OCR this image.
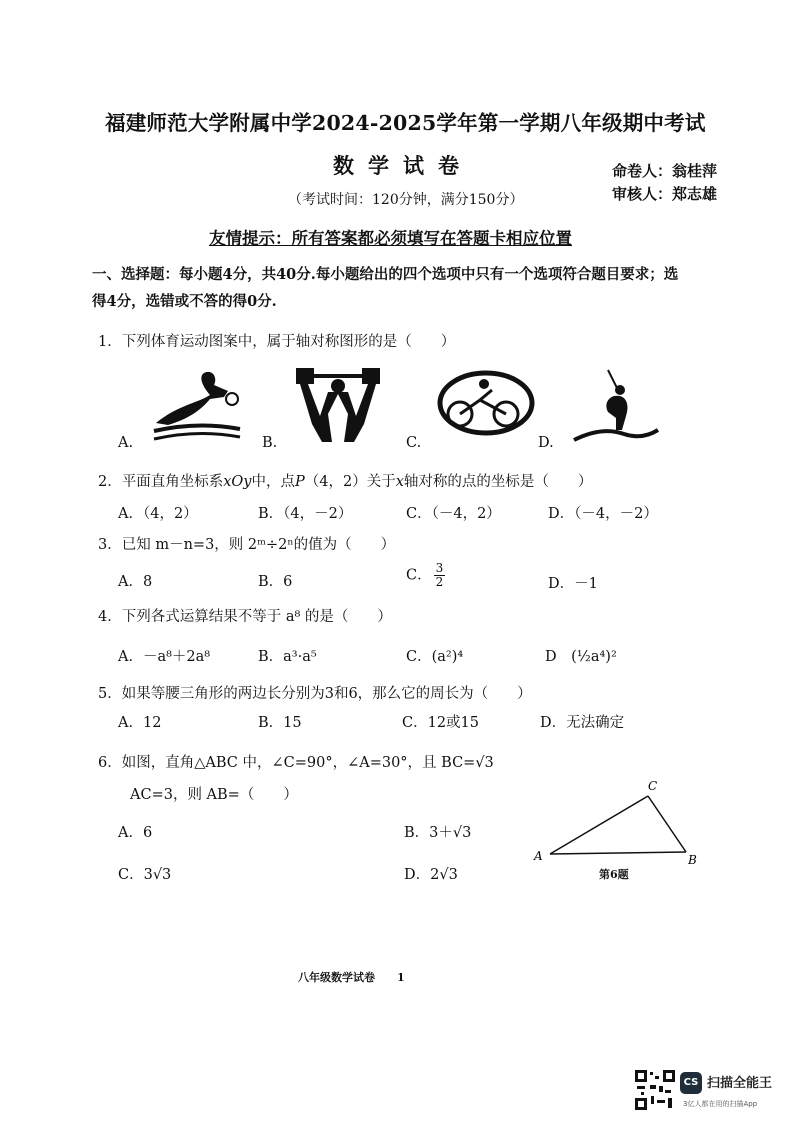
福建师范大学附属中学2024-2025学年第一学期八年级期中考试
数学试卷	命卷人：翁桂萍
审核人：郑志雄
（考试时间：120分钟，满分150分）
友情提示：所有答案都必须填写在答题卡相应位置
一、选择题：每小题4分，共40分.每小题给出的四个选项中只有一个选项符合题目要求；选
得4分，选错或不答的得0分.
1．下列体育运动图案中，属于轴对称图形的是（　　）
A.	B.	C.	D.
2．平面直角坐标系xOy中，点P（4，2）关于x轴对称的点的坐标是（　　）
A．（4，2）	B．（4，－2）	C．（－4，2）	D．（－4，－2）
3．已知 m－n=3，则 2ᵐ÷2ⁿ的值为（　　）
A．8	B．6	C． $\frac{3}{2}$	D．－1
4．下列各式运算结果不等于 a⁸ 的是（　　）
A．－a⁸＋2a⁸	B．a³·a⁵	C．(a²)⁴	D　(½a⁴)²
5．如果等腰三角形的两边长分别为3和6，那么它的周长为（　　）
A．12	B．15	C．12或15	D．无法确定
6．如图，直角△ABC 中，∠C=90°，∠A=30°，且 BC=√3
AC=3，则 AB=（　　）
A．6	B．3＋√3
C．3√3	D．2√3
A	B
C
第6题
八年级数学试卷　　1
CS 扫描全能王
3亿人都在用的扫描App
